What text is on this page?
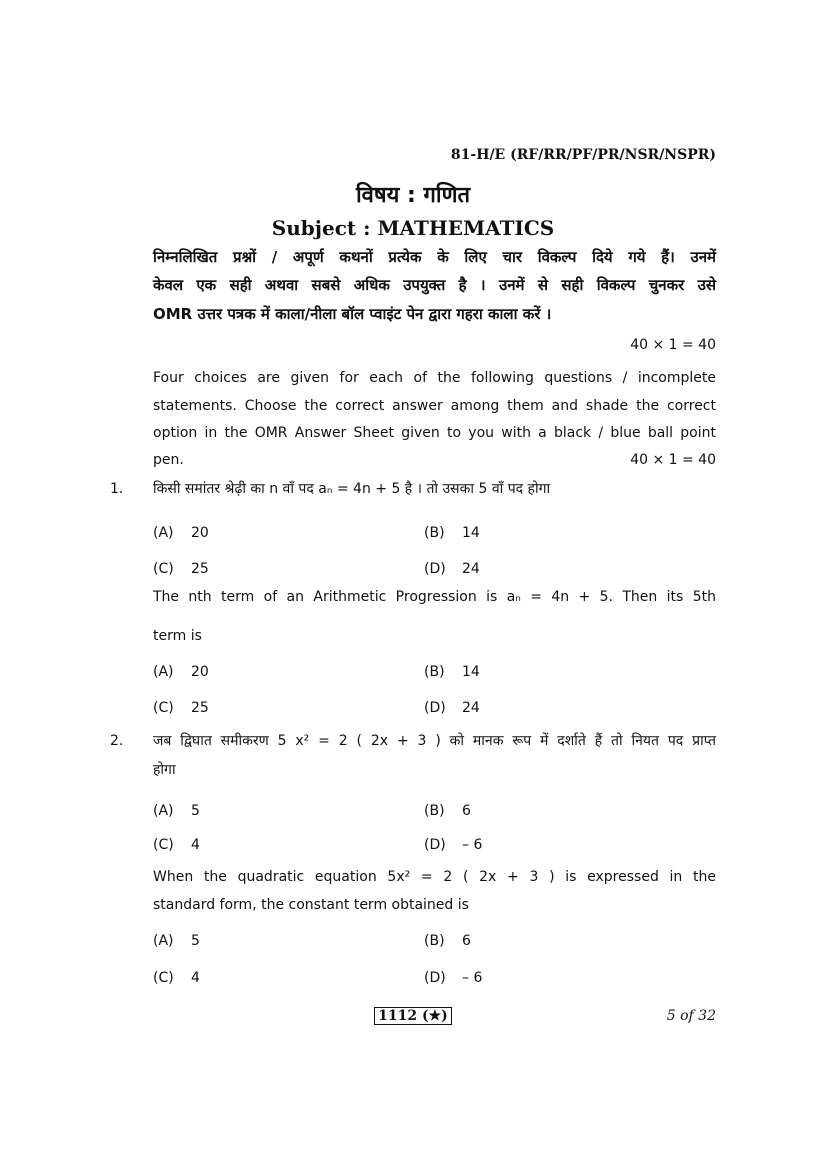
81-H/E (RF/RR/PF/PR/NSR/NSPR)
विषय : गणित
Subject : MATHEMATICS
निम्नलिखित प्रश्नों / अपूर्ण कथनों प्रत्येक के लिए चार विकल्प दिये गये हैं। उनमें
केवल एक सही अथवा सबसे अधिक उपयुक्त है । उनमें से सही विकल्प चुनकर उसे
OMR उत्तर पत्रक में काला/नीला बॉल प्वाइंट पेन द्वारा गहरा काला करें ।
40 × 1 = 40
Four choices are given for each of the following questions / incomplete
statements. Choose the correct answer among them and shade the correct
option in the OMR Answer Sheet given to you with a black / blue ball point
pen.	40 × 1 = 40
1. किसी समांतर श्रेढ़ी का n वाँ पद aₙ = 4n + 5 है । तो उसका 5 वाँ पद होगा
(A) 20	(B) 14
(C) 25	(D) 24
The nth term of an Arithmetic Progression is aₙ = 4n + 5. Then its 5th
term is
(A) 20	(B) 14
(C) 25	(D) 24
2. जब द्विघात समीकरण 5 x² = 2 ( 2x + 3 ) को मानक रूप में दर्शाते हैं तो नियत पद प्राप्त
होगा
(A) 5	(B) 6
(C) 4	(D) – 6
When the quadratic equation 5x² = 2 ( 2x + 3 ) is expressed in the
standard form, the constant term obtained is
(A) 5	(B) 6
(C) 4	(D) – 6
1112 (★)	5 of 32
